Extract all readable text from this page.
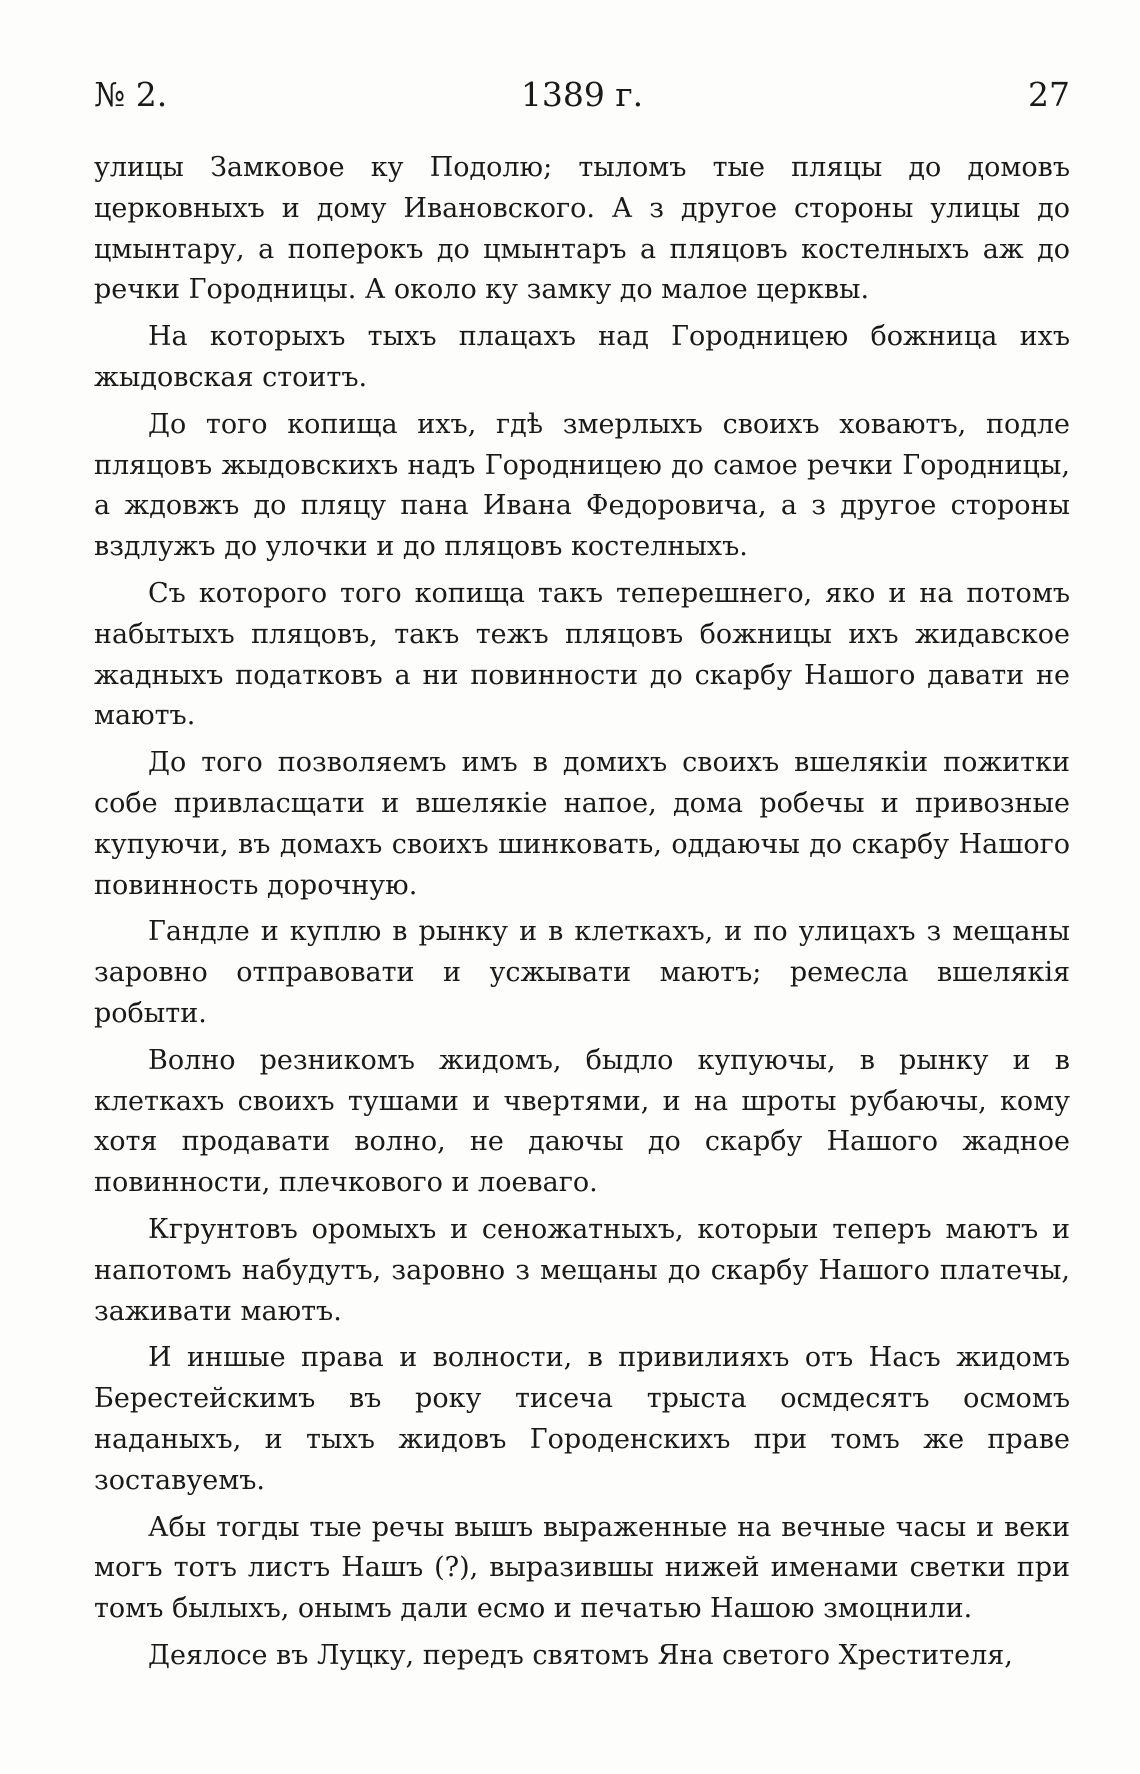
1389 г.
№ 2.	27

улицы Замковое ку Подолю; тыломъ тые пляцы до домовъ церковныхъ и дому Ивановского. А з другое стороны улицы до цмынтару, а поперокъ до цмынтаръ а пляцовъ костелныхъ аж до речки Городницы. А около ку замку до малое церквы.

На которыхъ тыхъ плацахъ над Городницею божница ихъ жыдовская стоитъ.

До того копища ихъ, гдѣ змерлыхъ своихъ ховаютъ, подле пляцовъ жыдовскихъ надъ Городницею до самое речки Городницы, а ждовжъ до пляцу пана Ивана Федоровича, а з другое стороны вздлужъ до улочки и до пляцовъ костелныхъ.

Съ которого того копища такъ теперешнего, яко и на потомъ набытыхъ пляцовъ, такъ тежъ пляцовъ божницы ихъ жидавское жадныхъ податковъ а ни повинности до скарбу Нашого давати не маютъ.

До того позволяемъ имъ в домихъ своихъ вшелякіи пожитки собе привласщати и вшелякіе напое, дома робечы и привозные купуючи, въ домахъ своихъ шинковать, оддаючы до скарбу Нашого повинность дорочную.

Гандле и куплю в рынку и в клеткахъ, и по улицахъ з мещаны заровно отправовати и усжывати маютъ; ремесла вшелякія робыти.

Волно резникомъ жидомъ, быдло купуючы, в рынку и в клеткахъ своихъ тушами и чвертями, и на шроты рубаючы, кому хотя продавати волно, не даючы до скарбу Нашого жадное повинности, плечкового и лоеваго.

Кгрунтовъ оромыхъ и сеножатныхъ, которыи теперъ маютъ и напотомъ набудутъ, заровно з мещаны до скарбу Нашого платечы, заживати маютъ.

И иншые права и волности, в привилияхъ отъ Насъ жидомъ Берестейскимъ въ року тисеча трыста осмдесятъ осмомъ наданыхъ, и тыхъ жидовъ Городенскихъ при томъ же праве зоставуемъ.

Абы тогды тые речы вышъ выраженные на вечные часы и веки могъ тотъ листъ Нашъ (?), выразившы нижей именами светки при томъ былыхъ, онымъ дали есмо и печатью Нашою змоцнили.

Деялосе въ Луцку, передъ святомъ Яна светого Хрестителя,
